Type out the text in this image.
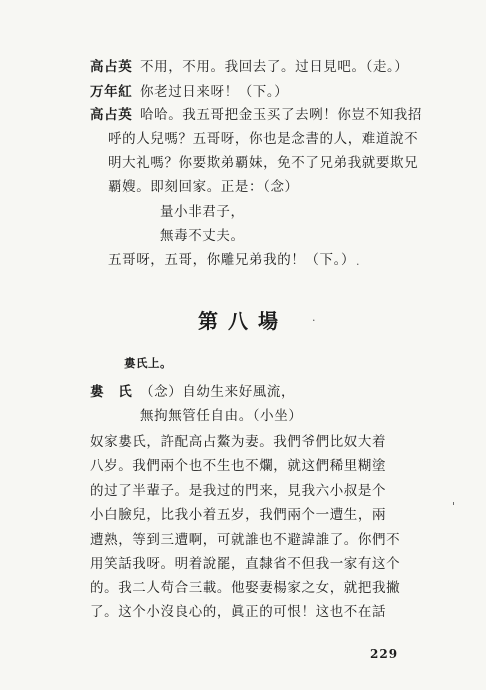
高占英 不用，不用。我回去了。过日見吧。（走。）
万年紅 你老过日来呀！（下。）
高占英 哈哈。我五哥把金玉买了去咧！你豈不知我招
呼的人兒嗎？五哥呀，你也是念書的人，难道說不
明大礼嗎？你要欺弟覇妹，免不了兄弟我就要欺兄
覇嫂。即刻回家。正是：（念）
量小非君子，
無毒不丈夫。
五哥呀，五哥，你雕兄弟我的！（下。）
第八場	·
婁氏上。
婁　氏 （念）自幼生来好風流，
無拘無管任自由。（小坐）
奴家婁氏，許配高占鰲为妻。我們爷們比奴大着
八岁。我們兩个也不生也不爛，就这們稀里糊塗
的过了半輩子。是我过的門来，見我六小叔是个
小白臉兒，比我小着五岁，我們兩个一遭生，兩
遭熟，等到三遭啊，可就誰也不避諱誰了。你們不
用笑話我呀。明着說罷，直隸省不但我一家有这个
的。我二人苟合三載。他娶妻楊家之女，就把我撇
了。这个小沒良心的，眞正的可恨！这也不在話
229
·
'
